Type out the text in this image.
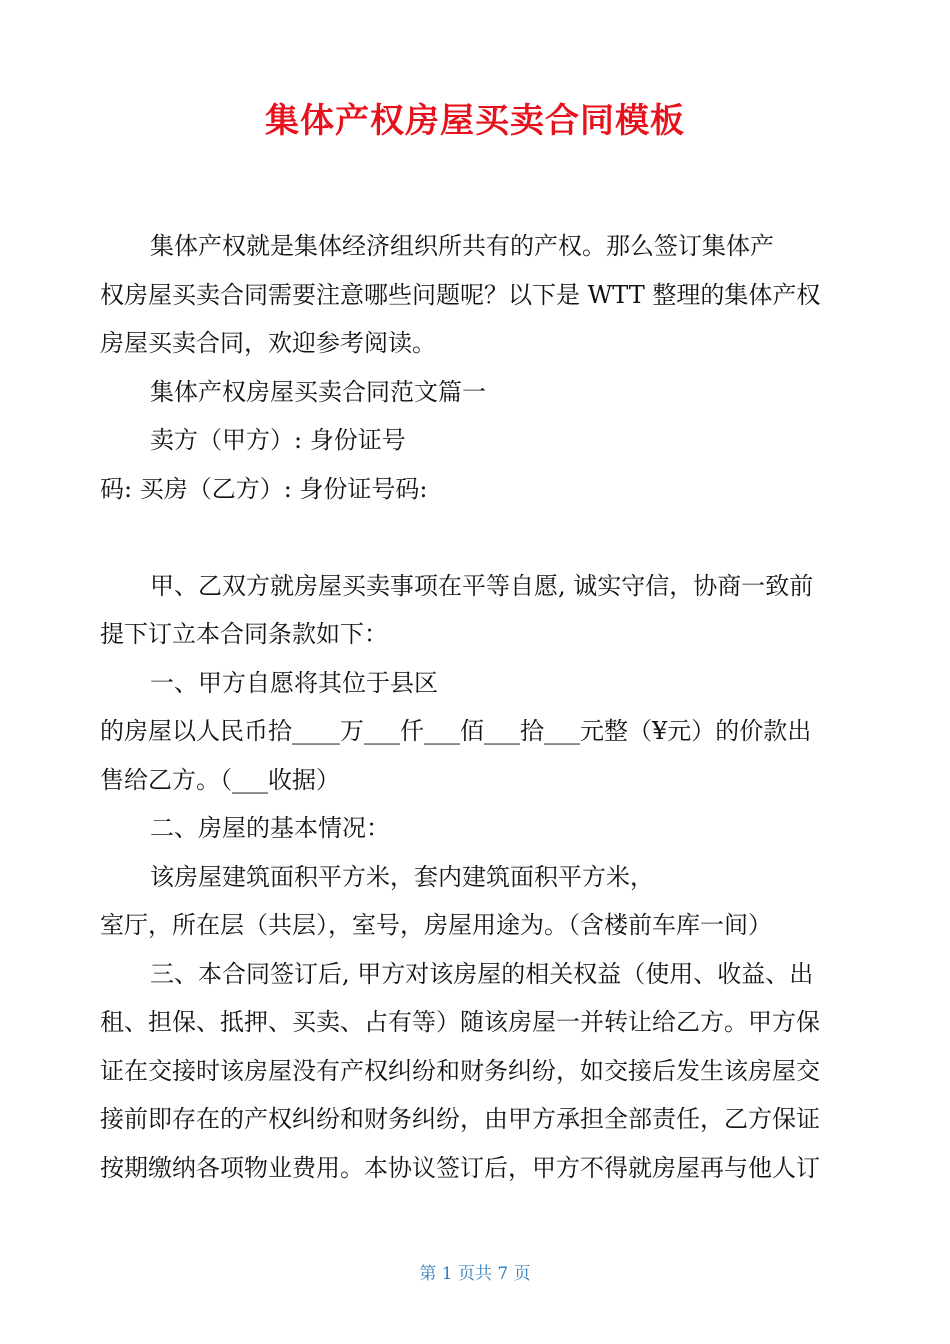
集体产权房屋买卖合同模板
集体产权就是集体经济组织所共有的产权。那么签订集体产
权房屋买卖合同需要注意哪些问题呢？以下是 WTT 整理的集体产权
房屋买卖合同，欢迎参考阅读。
集体产权房屋买卖合同范文篇一
卖方（甲方）: 身份证号
码: 买房（乙方）: 身份证号码:
甲、乙双方就房屋买卖事项在平等自愿, 诚实守信，协商一致前
提下订立本合同条款如下：
一、甲方自愿将其位于县区
的房屋以人民币拾____万___仟___佰___拾___元整（¥元）的价款出
售给乙方。（___收据）
二、房屋的基本情况：
该房屋建筑面积平方米，套内建筑面积平方米，
室厅，所在层（共层），室号，房屋用途为。（含楼前车库一间）
三、本合同签订后, 甲方对该房屋的相关权益（使用、收益、出
租、担保、抵押、买卖、占有等）随该房屋一并转让给乙方。甲方保
证在交接时该房屋没有产权纠纷和财务纠纷，如交接后发生该房屋交
接前即存在的产权纠纷和财务纠纷，由甲方承担全部责任，乙方保证
按期缴纳各项物业费用。本协议签订后，甲方不得就房屋再与他人订
第 1 页共 7 页
